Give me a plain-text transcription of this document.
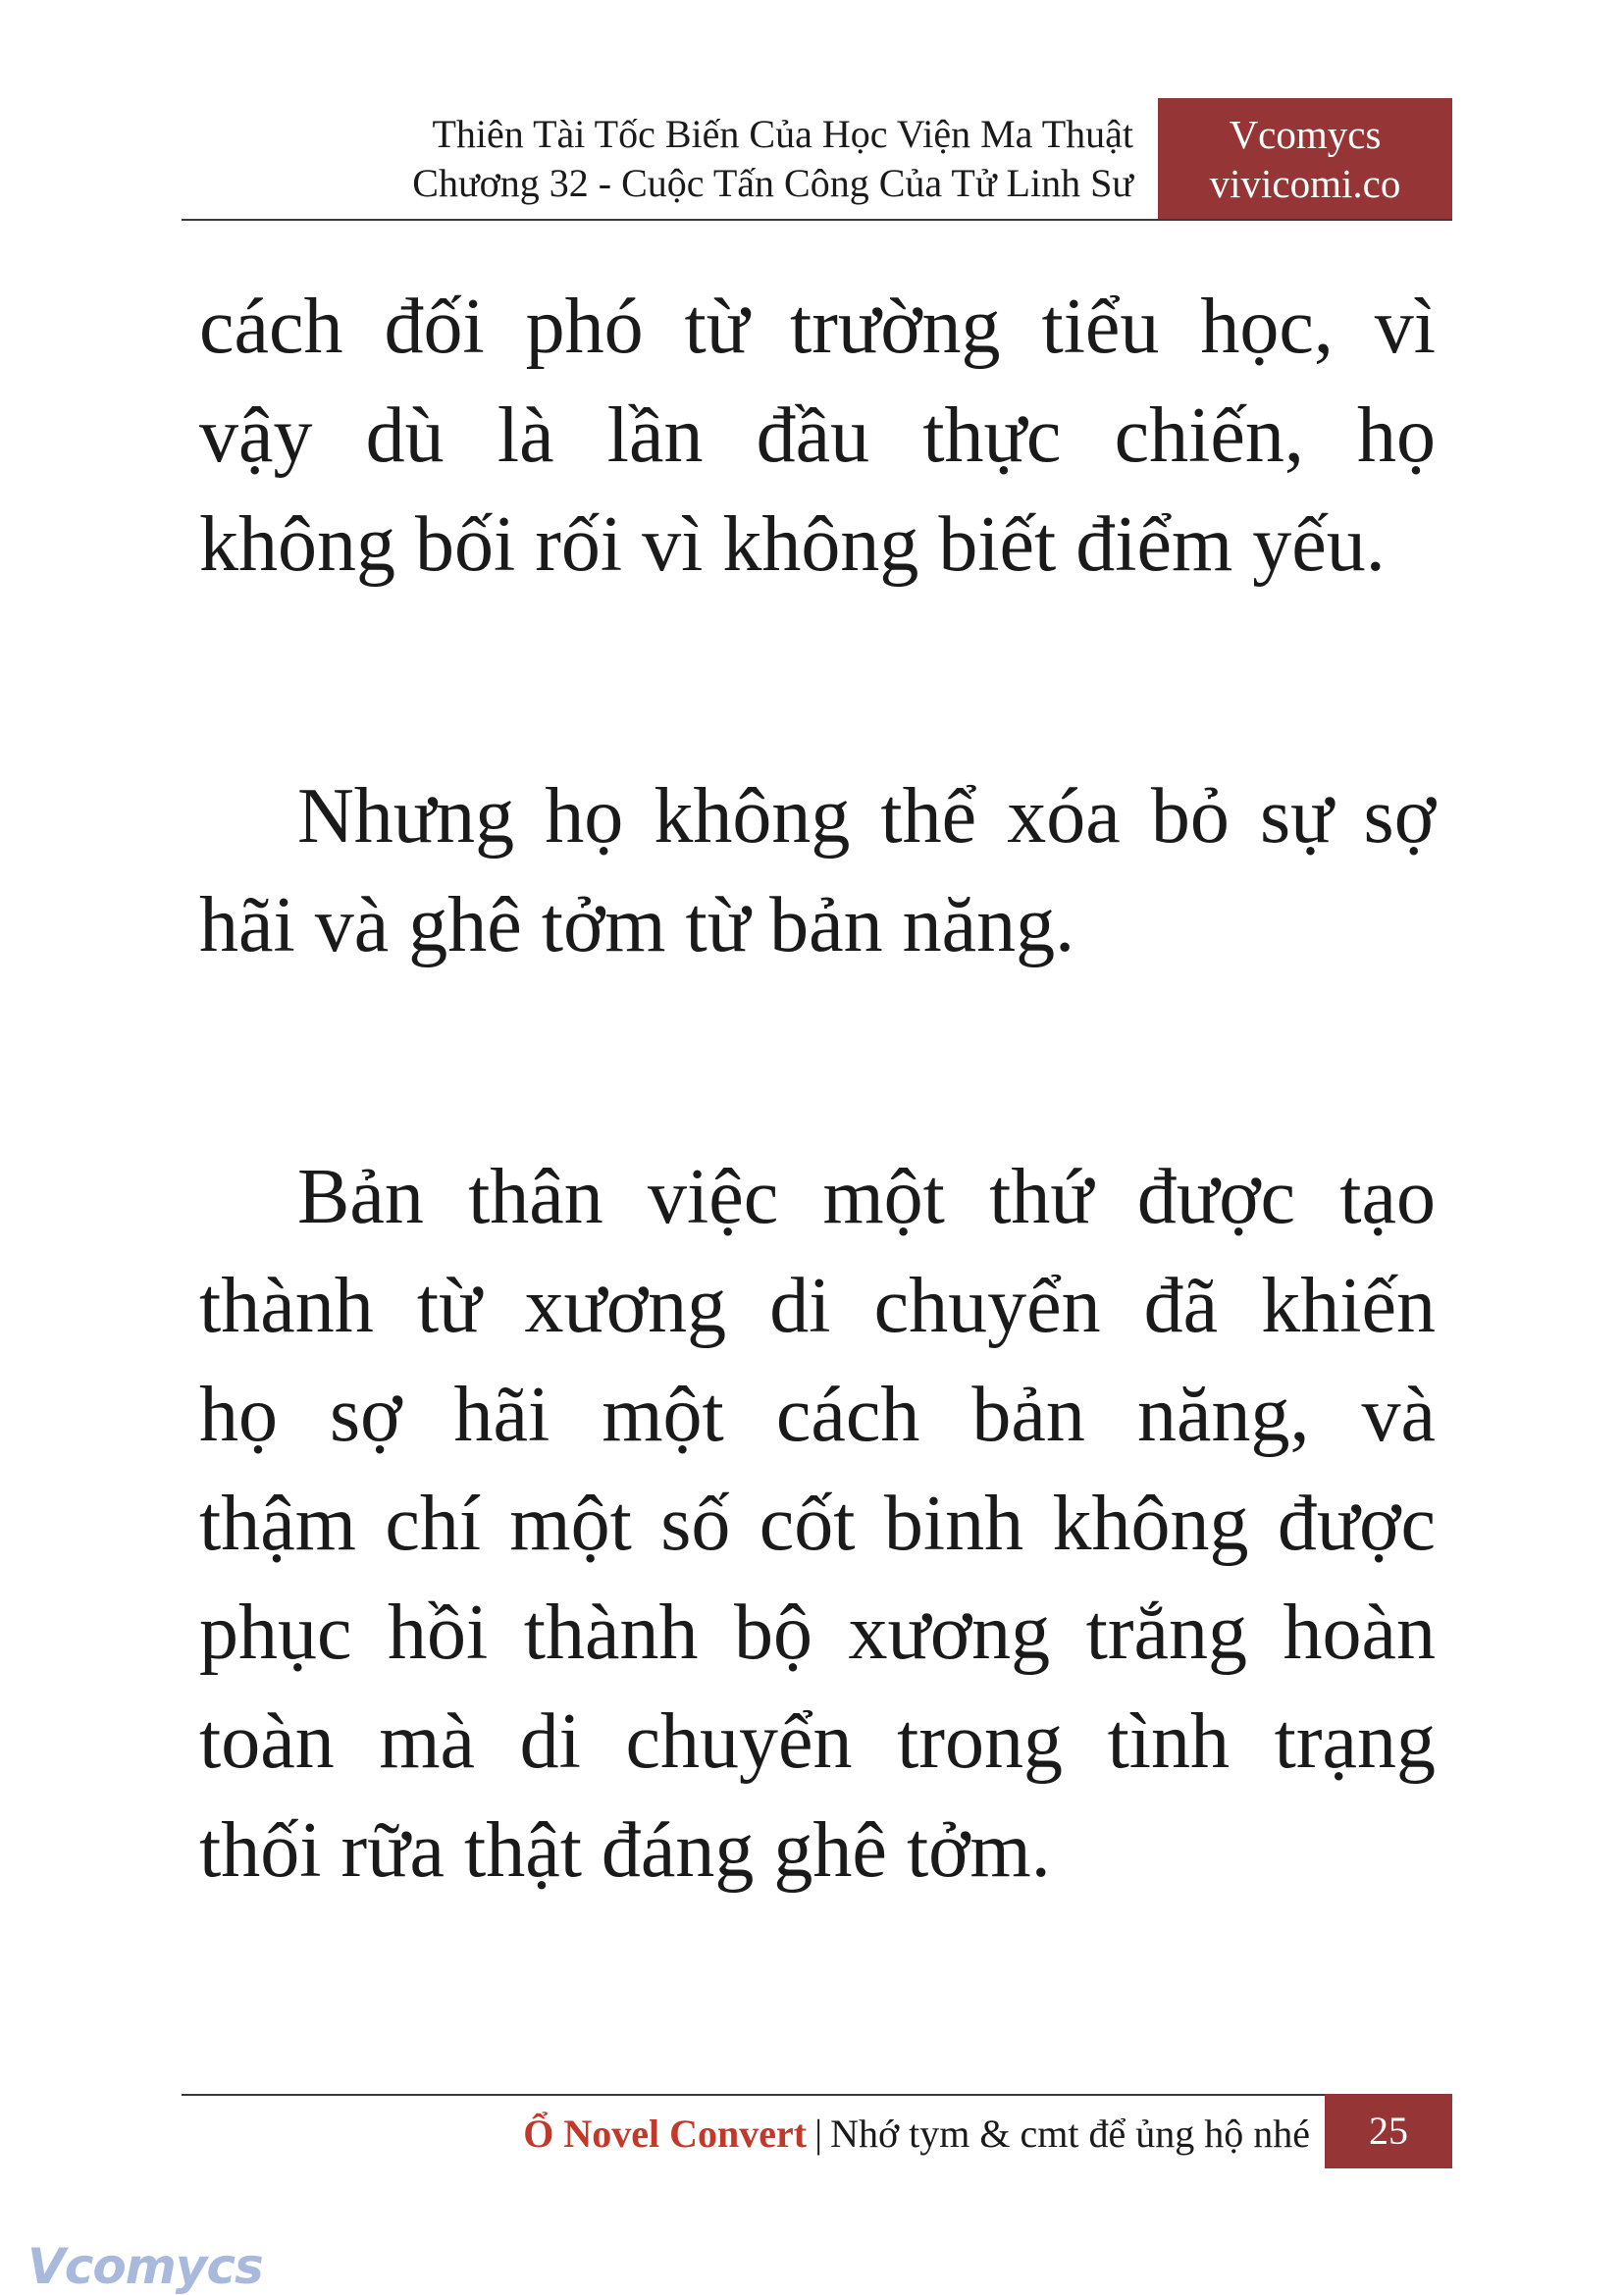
Thiên Tài Tốc Biến Của Học Viện Ma Thuật
Chương 32 - Cuộc Tấn Công Của Tử Linh Sư
Vcomycs
vivicomi.co

cách đối phó từ trường tiểu học, vì
vậy dù là lần đầu thực chiến, họ
không bối rối vì không biết điểm yếu.

Nhưng họ không thể xóa bỏ sự sợ
hãi và ghê tởm từ bản năng.

Bản thân việc một thứ được tạo
thành từ xương di chuyển đã khiến
họ sợ hãi một cách bản năng, và
thậm chí một số cốt binh không được
phục hồi thành bộ xương trắng hoàn
toàn mà di chuyển trong tình trạng
thối rữa thật đáng ghê tởm.

Ổ Novel Convert | Nhớ tym & cmt để ủng hộ nhé	25
Vcomycs
